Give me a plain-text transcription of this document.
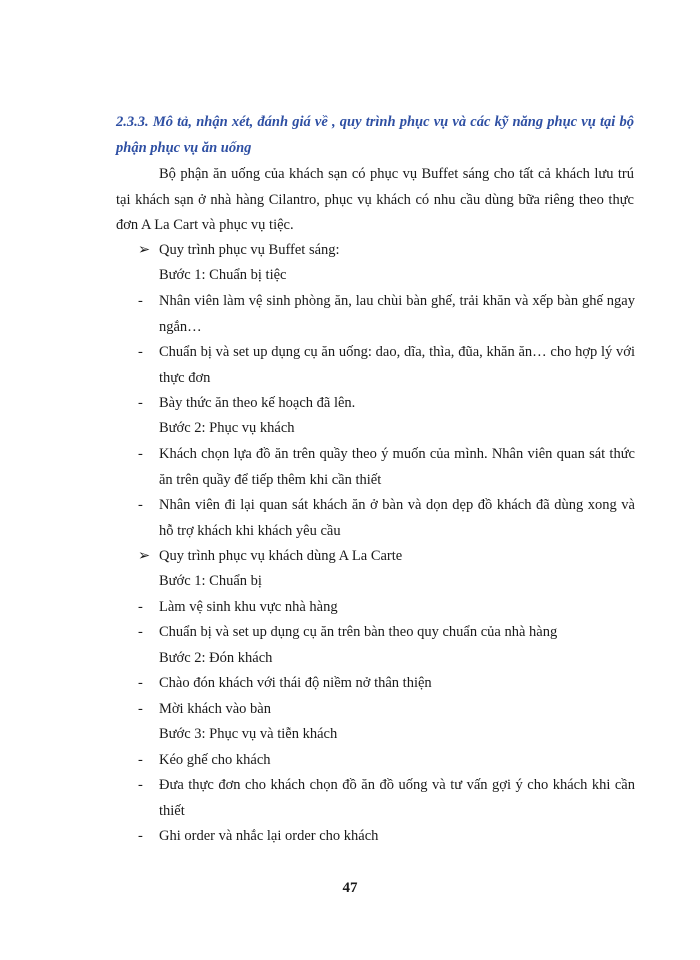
2.3.3. Mô tả, nhận xét, đánh giá về , quy trình phục vụ và các kỹ năng phục vụ tại bộ phận phục vụ ăn uống
Bộ phận ăn uống của khách sạn có phục vụ Buffet sáng cho tất cả khách lưu trú tại khách sạn ở nhà hàng Cilantro, phục vụ khách có nhu cầu dùng bữa riêng theo thực đơn A La Cart và phục vụ tiệc.
➢ Quy trình phục vụ Buffet sáng:
Bước 1: Chuẩn bị tiệc
- Nhân viên làm vệ sinh phòng ăn, lau chùi bàn ghế, trải khăn và xếp bàn ghế ngay ngắn…
- Chuẩn bị và set up dụng cụ ăn uống: dao, dĩa, thìa, đũa, khăn ăn… cho hợp lý với thực đơn
- Bày thức ăn theo kế hoạch đã lên.
Bước 2: Phục vụ khách
- Khách chọn lựa đồ ăn trên quầy theo ý muốn của mình. Nhân viên quan sát thức ăn trên quầy để tiếp thêm khi cần thiết
- Nhân viên đi lại quan sát khách ăn ở bàn và dọn dẹp đồ khách đã dùng xong và hỗ trợ khách khi khách yêu cầu
➢ Quy trình phục vụ khách dùng A La Carte
Bước 1: Chuẩn bị
- Làm vệ sinh khu vực nhà hàng
- Chuẩn bị và set up dụng cụ ăn trên bàn theo quy chuẩn của nhà hàng
Bước 2: Đón khách
- Chào đón khách với thái độ niềm nở thân thiện
- Mời khách vào bàn
Bước 3: Phục vụ và tiễn khách
- Kéo ghế cho khách
- Đưa thực đơn cho khách chọn đồ ăn đồ uống và tư vấn gợi ý cho khách khi cần thiết
- Ghi order và nhắc lại order cho khách
47
